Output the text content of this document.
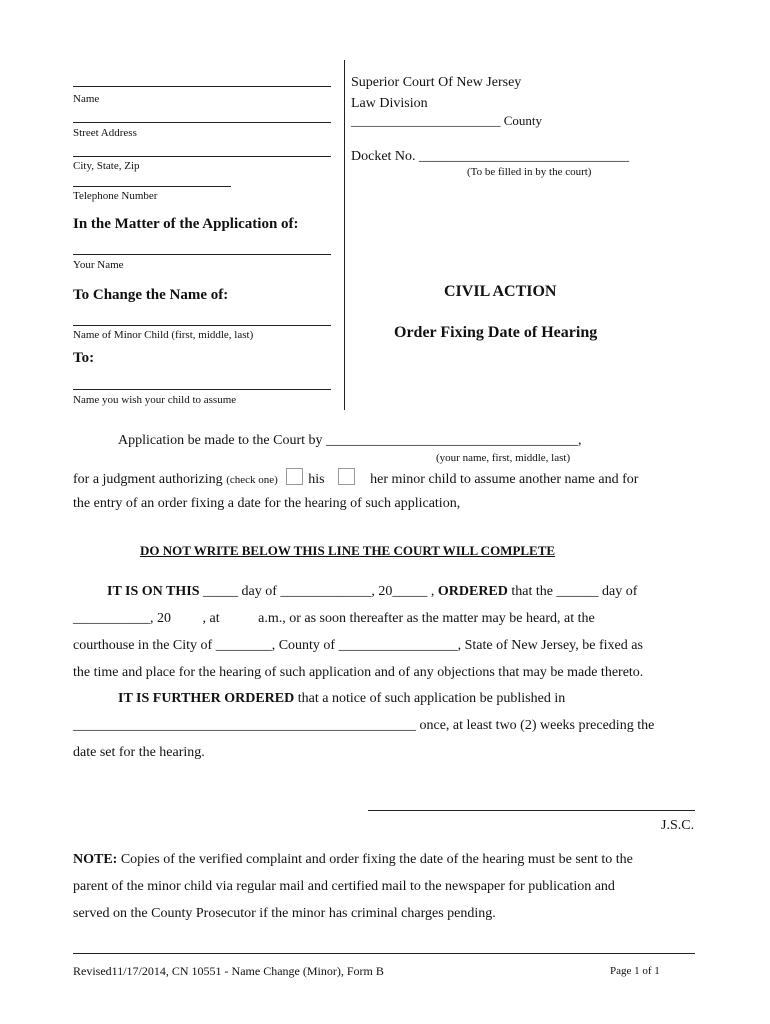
Name
Street Address
City, State, Zip
Telephone Number
In the Matter of the Application of:
Your Name
To Change the Name of:
Name of Minor Child (first, middle, last)
To:
Name you wish your child to assume
Superior Court Of New Jersey
Law Division
_______________________ County
Docket No. ______________________________
(To be filled in by the court)
CIVIL ACTION
Order Fixing Date of Hearing
Application be made to the Court by ____________________________________,
(your name, first, middle, last)
for a judgment authorizing (check one) his	her minor child to assume another name and for
the entry of an order fixing a date for the hearing of such application,
DO NOT WRITE BELOW THIS LINE THE COURT WILL COMPLETE
IT IS ON THIS _____ day of _____________, 20_____ , ORDERED that the ______ day of
___________, 20         , at           a.m., or as soon thereafter as the matter may be heard, at the
courthouse in the City of ________, County of _________________, State of New Jersey, be fixed as
the time and place for the hearing of such application and of any objections that may be made thereto.
IT IS FURTHER ORDERED that a notice of such application be published in
_________________________________________________ once, at least two (2) weeks preceding the
date set for the hearing.
J.S.C.
NOTE: Copies of the verified complaint and order fixing the date of the hearing must be sent to the
parent of the minor child via regular mail and certified mail to the newspaper for publication and
served on the County Prosecutor if the minor has criminal charges pending.
Revised11/17/2014, CN 10551 - Name Change (Minor), Form B	Page 1 of 1
